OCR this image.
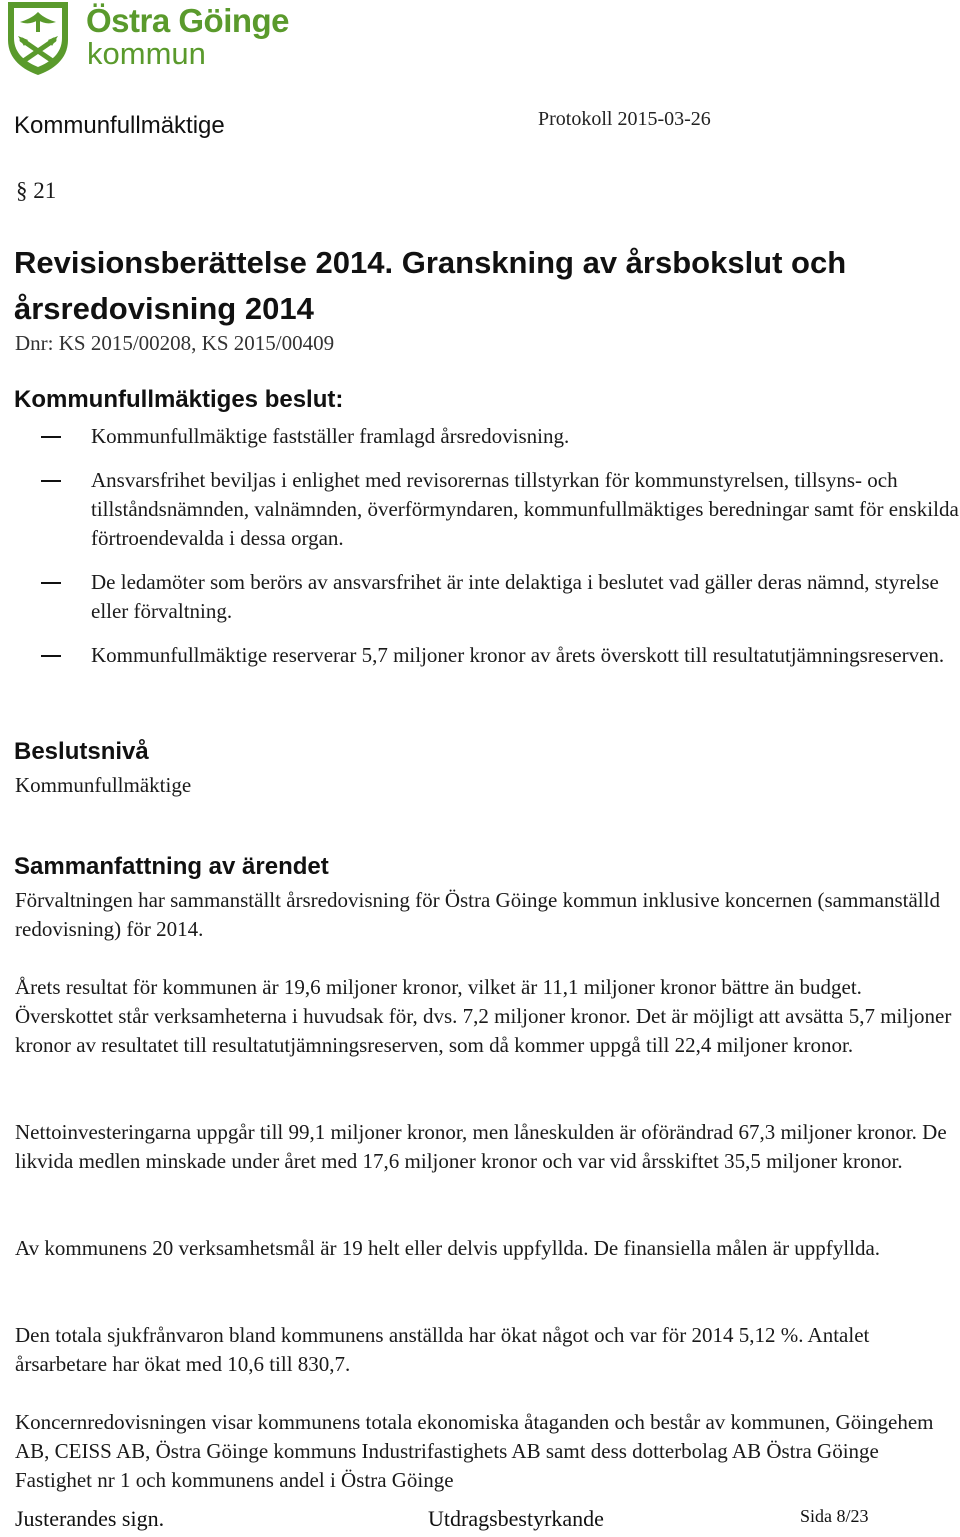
Östra Göinge
kommun
Kommunfullmäktige	Protokoll 2015-03-26
§ 21
Revisionsberättelse 2014. Granskning av årsbokslut och årsredovisning 2014
Dnr: KS 2015/00208, KS 2015/00409
Kommunfullmäktiges beslut:
Kommunfullmäktige fastställer framlagd årsredovisning.
Ansvarsfrihet beviljas i enlighet med revisorernas tillstyrkan för kommunstyrelsen, tillsyns- och tillståndsnämnden, valnämnden, överförmyndaren, kommunfullmäktiges beredningar samt för enskilda förtroendevalda i dessa organ.
De ledamöter som berörs av ansvarsfrihet är inte delaktiga i beslutet vad gäller deras nämnd, styrelse eller förvaltning.
Kommunfullmäktige reserverar 5,7 miljoner kronor av årets överskott till resultatutjämningsreserven.
Beslutsnivå
Kommunfullmäktige
Sammanfattning av ärendet

Förvaltningen har sammanställt årsredovisning för Östra Göinge kommun inklusive koncernen (sammanställd redovisning) för 2014.

Årets resultat för kommunen är 19,6 miljoner kronor, vilket är 11,1 miljoner kronor bättre än budget. Överskottet står verksamheterna i huvudsak för, dvs. 7,2 miljoner kronor. Det är möjligt att avsätta 5,7 miljoner kronor av resultatet till resultatutjämningsreserven, som då kommer uppgå till 22,4 miljoner kronor.

Nettoinvesteringarna uppgår till 99,1 miljoner kronor, men låneskulden är oförändrad 67,3 miljoner kronor. De likvida medlen minskade under året med 17,6 miljoner kronor och var vid årsskiftet 35,5 miljoner kronor.

Av kommunens 20 verksamhetsmål är 19 helt eller delvis uppfyllda. De finansiella målen är uppfyllda.

Den totala sjukfrånvaron bland kommunens anställda har ökat något och var för 2014 5,12 %. Antalet årsarbetare har ökat med 10,6 till 830,7.

Koncernredovisningen visar kommunens totala ekonomiska åtaganden och består av kommunen, Göingehem AB, CEISS AB, Östra Göinge kommuns Industrifastighets AB samt dess dotterbolag AB Östra Göinge Fastighet nr 1 och kommunens andel i Östra Göinge

Justerandes sign.	Utdragsbestyrkande	Sida 8/23
